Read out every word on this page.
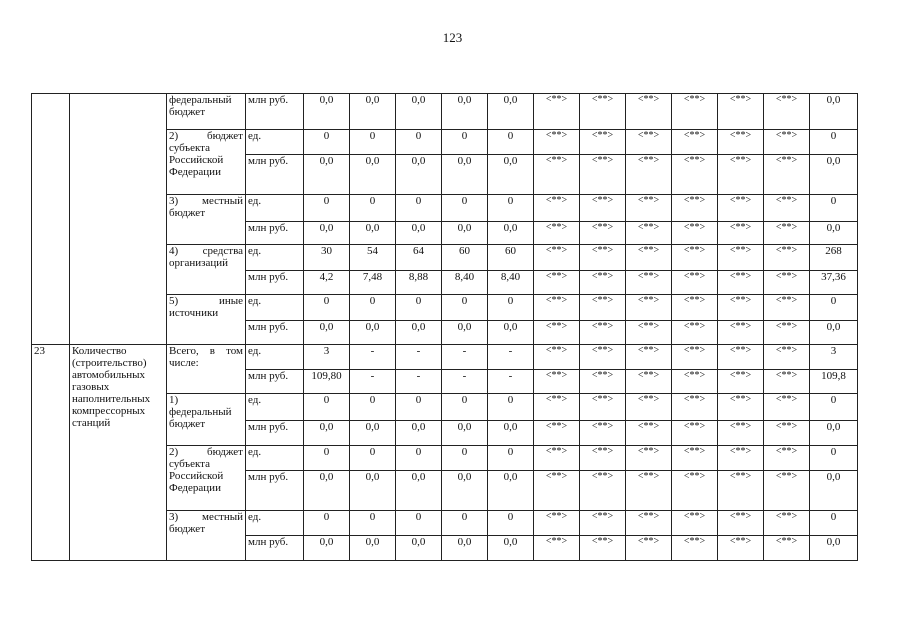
123
		федеральный бюджет	млн руб.	0,0	0,0	0,0	0,0	0,0	<**>	<**>	<**>	<**>	<**>	<**>	0,0
		2) бюджет субъекта Российской Федерации	ед.	0	0	0	0	0	<**>	<**>	<**>	<**>	<**>	<**>	0
			млн руб.	0,0	0,0	0,0	0,0	0,0	<**>	<**>	<**>	<**>	<**>	<**>	0,0
		3) местный бюджет	ед.	0	0	0	0	0	<**>	<**>	<**>	<**>	<**>	<**>	0
			млн руб.	0,0	0,0	0,0	0,0	0,0	<**>	<**>	<**>	<**>	<**>	<**>	0,0
		4) средства организаций	ед.	30	54	64	60	60	<**>	<**>	<**>	<**>	<**>	<**>	268
			млн руб.	4,2	7,48	8,88	8,40	8,40	<**>	<**>	<**>	<**>	<**>	<**>	37,36
		5) иные источники	ед.	0	0	0	0	0	<**>	<**>	<**>	<**>	<**>	<**>	0
			млн руб.	0,0	0,0	0,0	0,0	0,0	<**>	<**>	<**>	<**>	<**>	<**>	0,0
23	Количество (строительство) автомобильных газовых наполнительных компрессорных станций	Всего, в том числе:	ед.	3	-	-	-	-	<**>	<**>	<**>	<**>	<**>	<**>	3
			млн руб.	109,80	-	-	-	-	<**>	<**>	<**>	<**>	<**>	<**>	109,8
		1) федеральный бюджет	ед.	0	0	0	0	0	<**>	<**>	<**>	<**>	<**>	<**>	0
			млн руб.	0,0	0,0	0,0	0,0	0,0	<**>	<**>	<**>	<**>	<**>	<**>	0,0
		2) бюджет субъекта Российской Федерации	ед.	0	0	0	0	0	<**>	<**>	<**>	<**>	<**>	<**>	0
			млн руб.	0,0	0,0	0,0	0,0	0,0	<**>	<**>	<**>	<**>	<**>	<**>	0,0
		3) местный бюджет	ед.	0	0	0	0	0	<**>	<**>	<**>	<**>	<**>	<**>	0
			млн руб.	0,0	0,0	0,0	0,0	0,0	<**>	<**>	<**>	<**>	<**>	<**>	0,0
